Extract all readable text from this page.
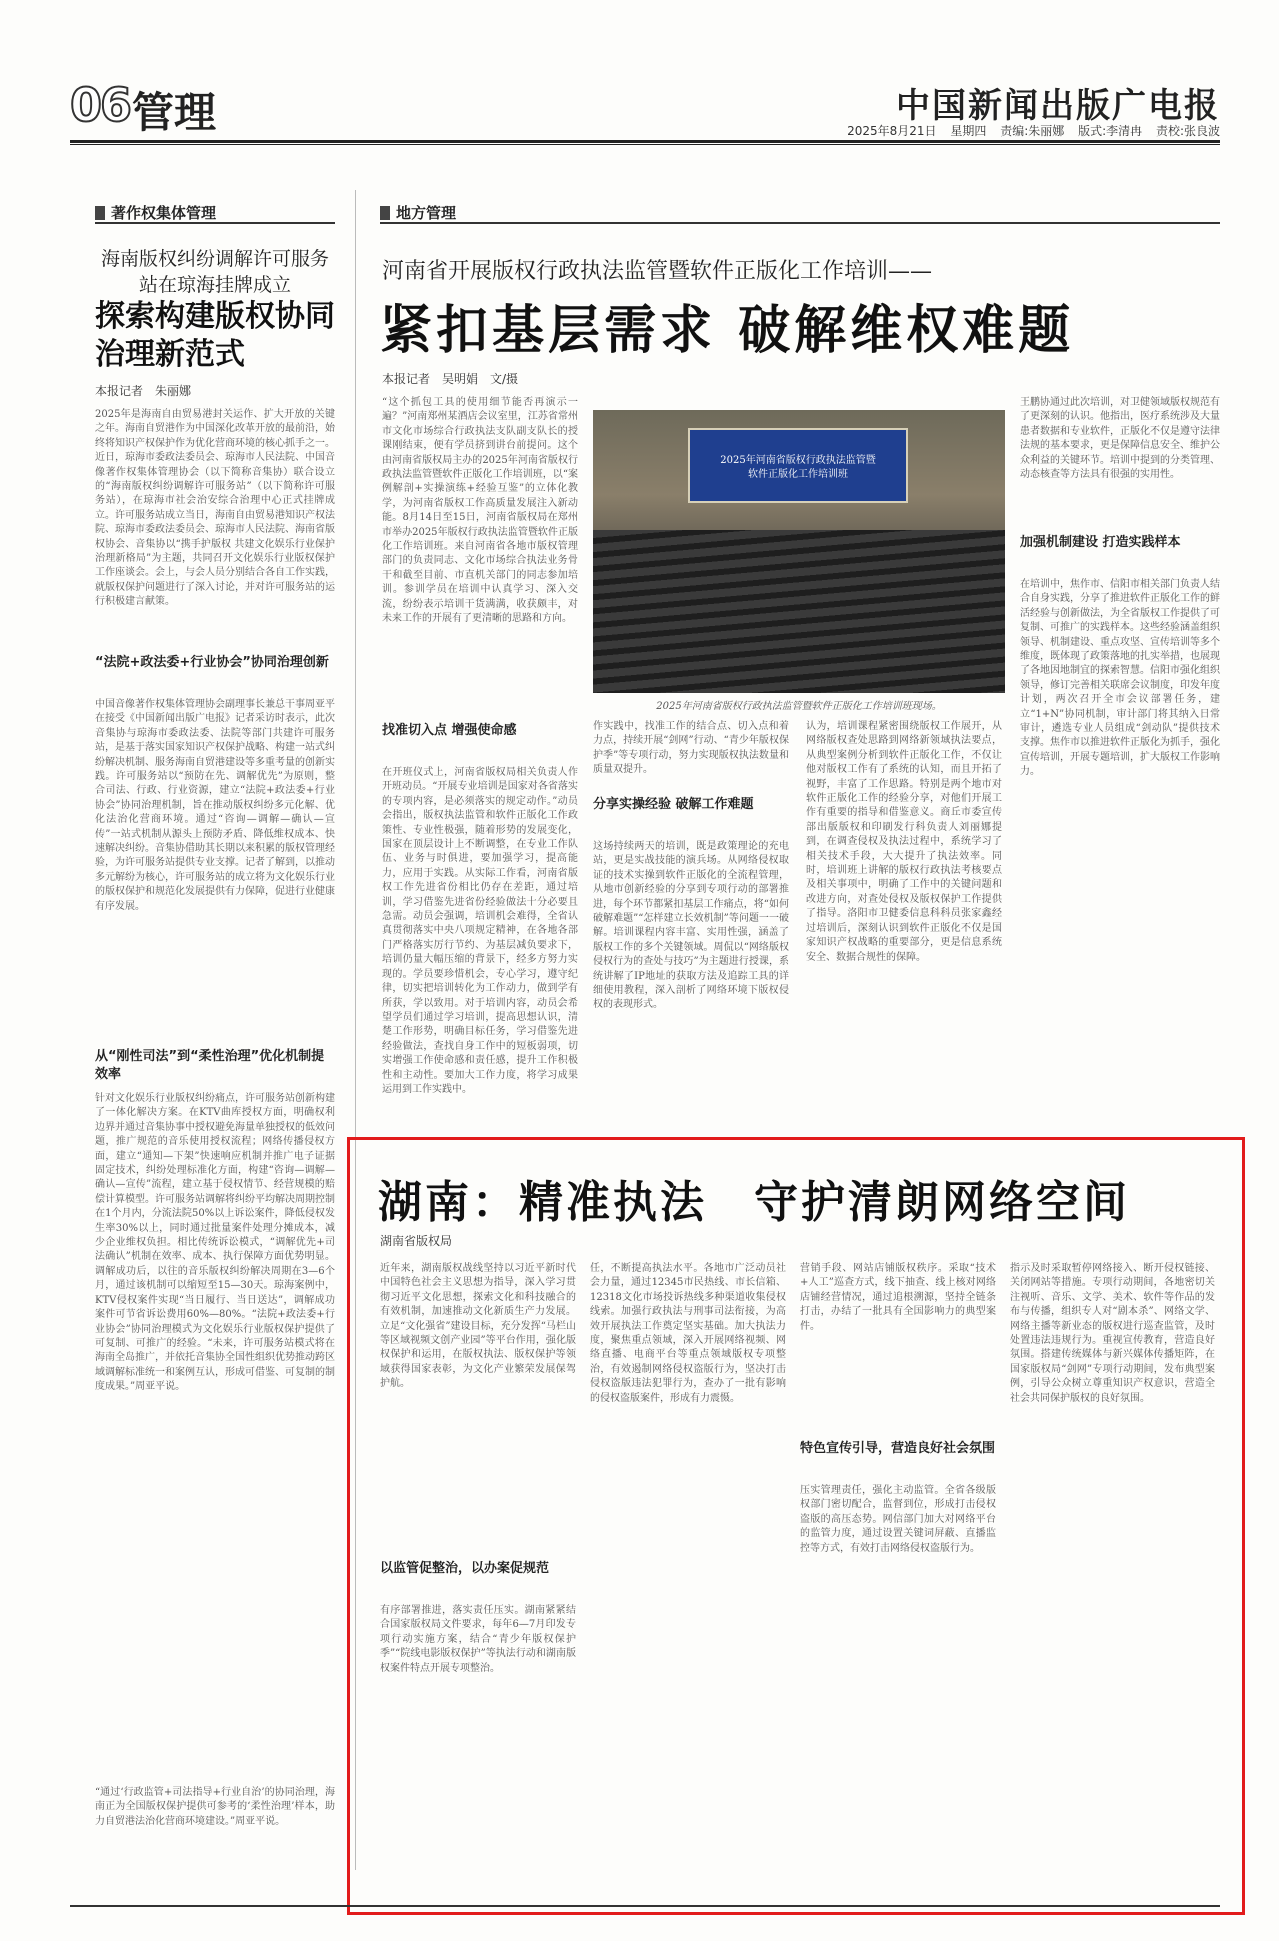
06 管理	中国新闻出版广电报
2025年8月21日 星期四 责编:朱丽娜 版式:李清冉 责校:张良波
著作权集体管理
海南版权纠纷调解许可服务站在琼海挂牌成立
探索构建版权协同治理新范式
本报记者　朱丽娜
2025年是海南自由贸易港封关运作、扩大开放的关键之年。海南自贸港作为中国深化改革开放的最前沿，始终将知识产权保护作为优化营商环境的核心抓手之一。近日，琼海市委政法委员会、琼海市人民法院、中国音像著作权集体管理协会（以下简称音集协）联合设立的“海南版权纠纷调解许可服务站”（以下简称许可服务站），在琼海市社会治安综合治理中心正式挂牌成立。许可服务站成立当日，海南自由贸易港知识产权法院、琼海市委政法委员会、琼海市人民法院、海南省版权协会、音集协以“携手护版权 共建文化娱乐行业保护治理新格局”为主题，共同召开文化娱乐行业版权保护工作座谈会。会上，与会人员分别结合各自工作实践，就版权保护问题进行了深入讨论，并对许可服务站的运行积极建言献策。
“法院+政法委+行业协会”协同治理创新
中国音像著作权集体管理协会副理事长兼总干事周亚平在接受《中国新闻出版广电报》记者采访时表示，此次音集协与琼海市委政法委、法院等部门共建许可服务站，是基于落实国家知识产权保护战略、构建一站式纠纷解决机制、服务海南自贸港建设等多重考量的创新实践。许可服务站以“预防在先、调解优先”为原则，整合司法、行政、行业资源，建立“法院+政法委+行业协会”协同治理机制，旨在推动版权纠纷多元化解、优化法治化营商环境。通过“咨询—调解—确认—宣传”一站式机制从源头上预防矛盾、降低维权成本、快速解决纠纷。音集协借助其长期以来积累的版权管理经验，为许可服务站提供专业支撑。记者了解到，以推动多元解纷为核心，许可服务站的成立将为文化娱乐行业的版权保护和规范化发展提供有力保障，促进行业健康有序发展。
从“刚性司法”到“柔性治理”优化机制提效率
针对文化娱乐行业版权纠纷痛点，许可服务站创新构建了一体化解决方案。在KTV曲库授权方面，明确权利边界并通过音集协事中授权避免海量单独授权的低效问题，推广规范的音乐使用授权流程；网络传播侵权方面，建立“通知—下架”快速响应机制并推广电子证据固定技术，纠纷处理标准化方面，构建“咨询—调解—确认—宣传”流程，建立基于侵权情节、经营规模的赔偿计算模型。许可服务站调解将纠纷平均解决周期控制在1个月内，分流法院50%以上诉讼案件，降低侵权发生率30%以上，同时通过批量案件处理分摊成本，减少企业维权负担。相比传统诉讼模式，“调解优先+司法确认”机制在效率、成本、执行保障方面优势明显。调解成功后，以往的音乐版权纠纷解决周期在3—6个月，通过该机制可以缩短至15—30天。琼海案例中，KTV侵权案件实现“当日履行、当日送达”，调解成功案件可节省诉讼费用60%—80%。“法院+政法委+行业协会”协同治理模式为文化娱乐行业版权保护提供了可复制、可推广的经验。“未来，许可服务站模式将在海南全岛推广，并依托音集协全国性组织优势推动跨区域调解标准统一和案例互认，形成可借鉴、可复制的制度成果。”周亚平说。
“通过‘行政监管+司法指导+行业自治’的协同治理，海南正为全国版权保护提供可参考的‘柔性治理’样本，助力自贸港法治化营商环境建设。”周亚平说。
地方管理
河南省开展版权行政执法监管暨软件正版化工作培训——
紧扣基层需求 破解维权难题
本报记者　吴明娟　文/摄
“这个抓包工具的使用细节能否再演示一遍？”河南郑州某酒店会议室里，江苏省常州市文化市场综合行政执法支队副支队长的授课刚结束，便有学员挤到讲台前提问。这个由河南省版权局主办的2025年河南省版权行政执法监管暨软件正版化工作培训班，以“案例解剖+实操演练+经验互鉴”的立体化教学，为河南省版权工作高质量发展注入新动能。8月14日至15日，河南省版权局在郑州市举办2025年版权行政执法监管暨软件正版化工作培训班。来自河南省各地市版权管理部门的负责同志、文化市场综合执法业务骨干和截至目前、市直机关部门的同志参加培训。参训学员在培训中认真学习、深入交流，纷纷表示培训干货满满，收获颇丰，对未来工作的开展有了更清晰的思路和方向。
找准切入点 增强使命感
在开班仪式上，河南省版权局相关负责人作开班动员。“开展专业培训是国家对各省落实的专项内容，是必须落实的规定动作。”动员会指出，版权执法监管和软件正版化工作政策性、专业性极强，随着形势的发展变化，国家在顶层设计上不断调整，在专业工作队伍、业务与时俱进，要加强学习，提高能力，应用于实践。从实际工作看，河南省版权工作先进省份相比仍存在差距，通过培训，学习借鉴先进省份经验做法十分必要且急需。动员会强调，培训机会难得，全省认真贯彻落实中央八项规定精神，在各地各部门严格落实厉行节约、为基层减负要求下，培训仍量大幅压缩的背景下，经多方努力实现的。学员要珍惜机会，专心学习，遵守纪律，切实把培训转化为工作动力，做到学有所获，学以致用。对于培训内容，动员会希望学员们通过学习培训，提高思想认识，清楚工作形势，明确目标任务，学习借鉴先进经验做法，查找自身工作中的短板弱项，切实增强工作使命感和责任感，提升工作积极性和主动性。要加大工作力度，将学习成果运用到工作实践中。

2025年河南省版权行政执法监管暨
软件正版化工作培训班

2025年河南省版权行政执法监管暨软件正版化工作培训班现场。
作实践中，找准工作的结合点、切入点和着力点，持续开展“剑网”行动、“青少年版权保护季”等专项行动，努力实现版权执法数量和质量双提升。
分享实操经验 破解工作难题
这场持续两天的培训，既是政策理论的充电站，更是实战技能的演兵场。从网络侵权取证的技术实操到软件正版化的全流程管理，从地市创新经验的分享到专项行动的部署推进，每个环节都紧扣基层工作痛点，将“如何破解难题”“怎样建立长效机制”等问题一一破解。培训课程内容丰富、实用性强，涵盖了版权工作的多个关键领域。周侃以“网络版权侵权行为的查处与技巧”为主题进行授课，系统讲解了IP地址的获取方法及追踪工具的详细使用教程，深入剖析了网络环境下版权侵权的表现形式。
认为，培训课程紧密围绕版权工作展开，从网络版权查处思路到网络新领域执法要点，从典型案例分析到软件正版化工作，不仅让他对版权工作有了系统的认知，而且开拓了视野，丰富了工作思路。特别是两个地市对软件正版化工作的经验分享，对他们开展工作有重要的指导和借鉴意义。商丘市委宣传部出版版权和印刷发行科负责人刘丽娜提到，在调查侵权及执法过程中，系统学习了相关技术手段，大大提升了执法效率。同时，培训班上讲解的版权行政执法考核要点及相关事项中，明确了工作中的关键问题和改进方向，对查处侵权及版权保护工作提供了指导。洛阳市卫健委信息科科员张家鑫经过培训后，深刻认识到软件正版化不仅是国家知识产权战略的重要部分，更是信息系统安全、数据合规性的保障。
王鹏协通过此次培训，对卫健领域版权规范有了更深刻的认识。他指出，医疗系统涉及大量患者数据和专业软件，正版化不仅是遵守法律法规的基本要求，更是保障信息安全、维护公众利益的关键环节。培训中提到的分类管理、动态核查等方法具有很强的实用性。
加强机制建设 打造实践样本
在培训中，焦作市、信阳市相关部门负责人结合自身实践，分享了推进软件正版化工作的鲜活经验与创新做法，为全省版权工作提供了可复制、可推广的实践样本。这些经验涵盖组织领导、机制建设、重点攻坚、宣传培训等多个维度，既体现了政策落地的扎实举措，也展现了各地因地制宜的探索智慧。信阳市强化组织领导，修订完善相关联席会议制度，印发年度计划，两次召开全市会议部署任务，建立“1+N”协同机制，审计部门将其纳入日常审计，遴选专业人员组成“剑动队”提供技术支撑。焦作市以推进软件正版化为抓手，强化宣传培训，开展专题培训，扩大版权工作影响力。
湖南：精准执法　守护清朗网络空间
湖南省版权局
近年来，湖南版权战线坚持以习近平新时代中国特色社会主义思想为指导，深入学习贯彻习近平文化思想，探索文化和科技融合的有效机制，加速推动文化新质生产力发展。立足“文化强省”建设目标，充分发挥“马栏山等区域视频文创产业园”等平台作用，强化版权保护和运用，在版权执法、版权保护等领域获得国家表彰，为文化产业繁荣发展保驾护航。
以监管促整治，以办案促规范
有序部署推进，落实责任压实。湖南紧紧结合国家版权局文件要求，每年6—7月印发专项行动实施方案，结合“青少年版权保护季”“院线电影版权保护”等执法行动和湖南版权案件特点开展专项整治。
任，不断提高执法水平。各地市广泛动员社会力量，通过12345市民热线、市长信箱、12318文化市场投诉热线多种渠道收集侵权线索。加强行政执法与刑事司法衔接，为高效开展执法工作奠定坚实基础。加大执法力度，聚焦重点领域，深入开展网络视频、网络直播、电商平台等重点领域版权专项整治，有效遏制网络侵权盗版行为，坚决打击侵权盗版违法犯罪行为，查办了一批有影响的侵权盗版案件，形成有力震慑。
营销手段、网站店铺版权秩序。采取“技术+人工”巡查方式，线下抽查、线上核对网络店铺经营情况，通过追根溯源，坚持全链条打击，办结了一批具有全国影响力的典型案件。
特色宣传引导，营造良好社会氛围
压实管理责任，强化主动监管。全省各级版权部门密切配合，监督到位，形成打击侵权盗版的高压态势。网信部门加大对网络平台的监管力度，通过设置关键词屏蔽、直播监控等方式，有效打击网络侵权盗版行为。
指示及时采取暂停网络接入、断开侵权链接、关闭网站等措施。专项行动期间，各地密切关注视听、音乐、文学、美术、软件等作品的发布与传播，组织专人对“剧本杀”、网络文学、网络主播等新业态的版权进行巡查监管，及时处置违法违规行为。重视宣传教育，营造良好氛围。搭建传统媒体与新兴媒体传播矩阵，在国家版权局“剑网”专项行动期间，发布典型案例，引导公众树立尊重知识产权意识，营造全社会共同保护版权的良好氛围。
